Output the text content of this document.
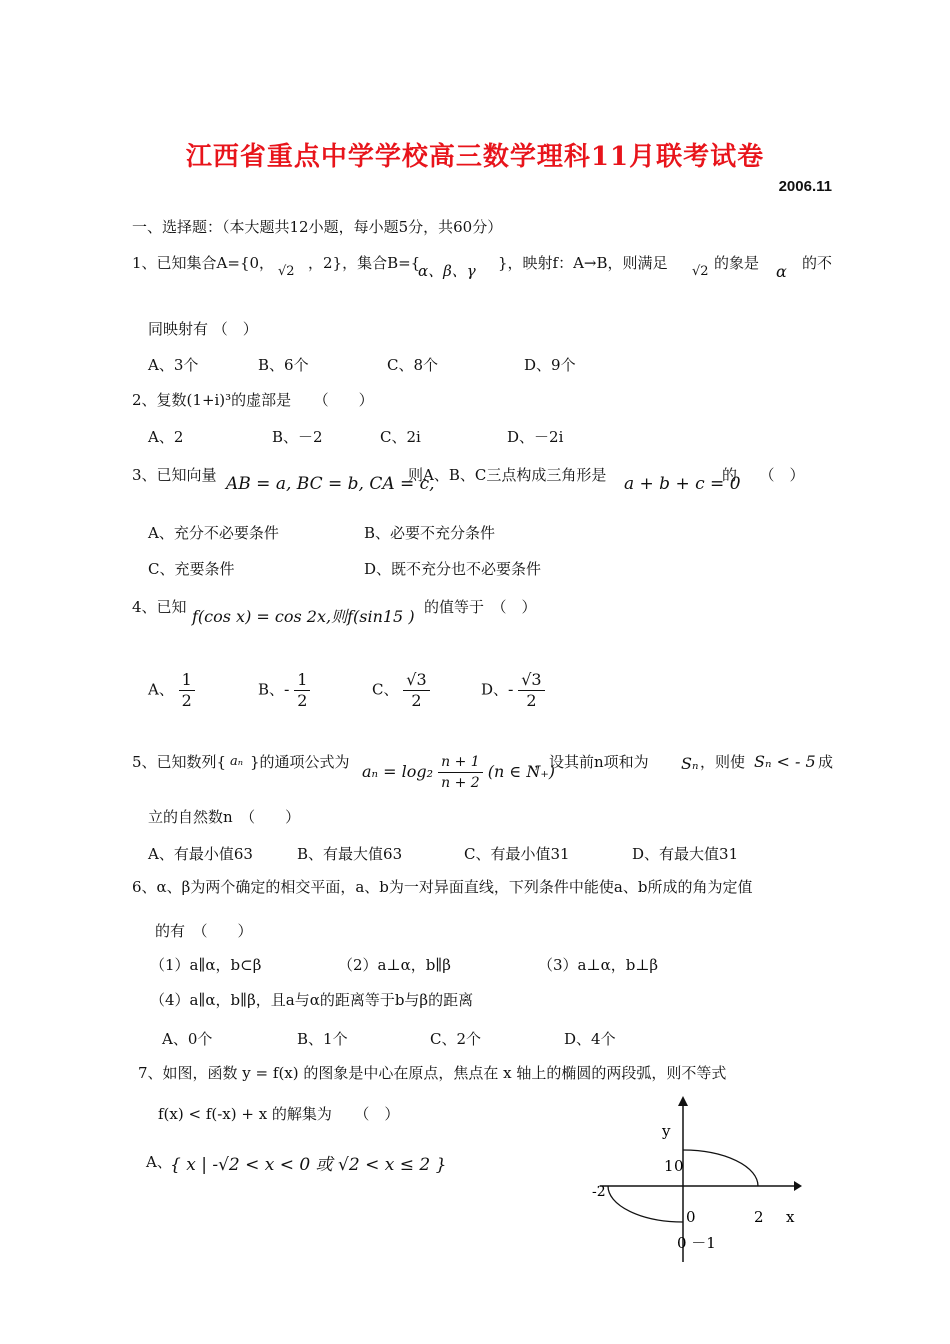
江西省重点中学学校高三数学理科11月联考试卷
2006.11
一、选择题：（本大题共12小题，每小题5分，共60分）
1、已知集合A={0， √2 ，2}，集合B={
α、β、γ }，映射f：A→B，则满足 √2 的象是 α 的不
同映射有 （　）
A、3个	B、6个	C、8个	D、9个
2、复数(1+i)³的虚部是　　（　　）
A、2	B、－2	C、2i	D、－2i
3、已知向量 AB = a, BC = b, CA = c,
则A、B、C三点构成三角形是 a + b + c = 0
的　　（　）
A、充分不必要条件	B、必要不充分条件
C、充要条件	D、既不充分也不必要条件
4、已知 f(cos x) = cos 2x,则f(sin15 ) 的值等于　（　）
A、 $\frac{1}{2}$	B、- $\frac{1}{2}$	C、 $\frac{√3}{2}$	D、- $\frac{√3}{2}$
5、已知数列{ aₙ }的通项公式为 $a_n = \log_2 \frac{n + 1}{n + 2} (n$ ∈ N₊)
，设其前n项和为 Sₙ ，则使 Sₙ < - 5 成
立的自然数n　（　　）
A、有最小值63	B、有最大值63	C、有最小值31	D、有最大值31
6、α、β为两个确定的相交平面，a、b为一对异面直线，下列条件中能使a、b所成的角为定值
的有　（　　）
（1）a∥α，b⊂β	（2）a⊥α，b∥β	（3）a⊥α，b⊥β
（4）a∥α，b∥β，且a与α的距离等于b与β的距离
A、0个	B、1个	C、2个	D、4个
7、如图，函数 y = f(x) 的图象是中心在原点，焦点在 x 轴上的椭圆的两段弧，则不等式
f(x) < f(-x) + x 的解集为　　（　）
A、
{ x | -√2 < x < 0 或 √2 < x ≤ 2 }
y
1 0
-2
0	2 x
0 －1
